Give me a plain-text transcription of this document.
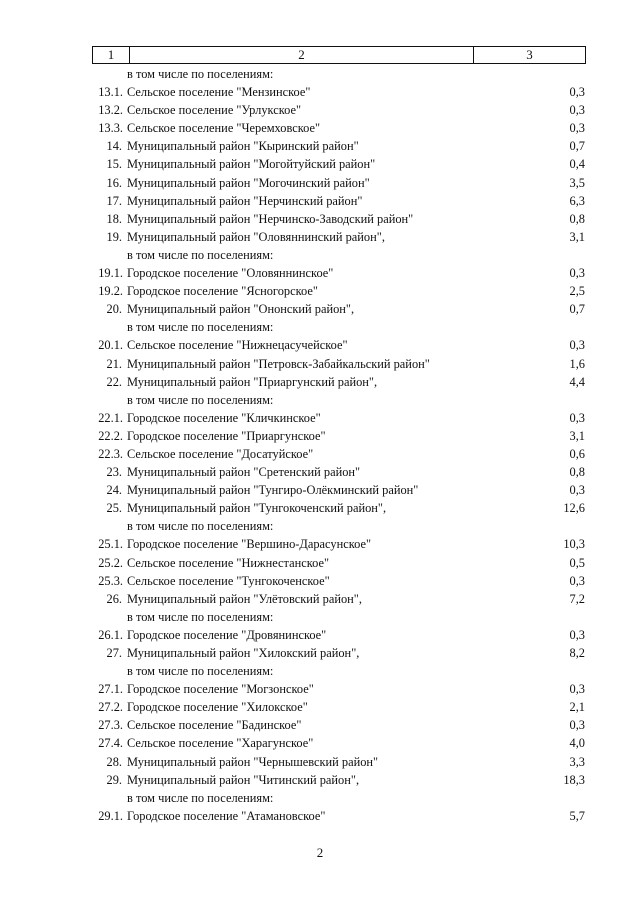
1	2	3
в том числе по поселениям:
13.1. Сельское поселение "Мензинское"	0,3
13.2. Сельское поселение "Урлукское"	0,3
13.3. Сельское поселение "Черемховское"	0,3
14. Муниципальный район "Кыринский район"	0,7
15. Муниципальный район "Могойтуйский район"	0,4
16. Муниципальный район "Могочинский район"	3,5
17. Муниципальный район "Нерчинский район"	6,3
18. Муниципальный район "Нерчинско-Заводский район"	0,8
19. Муниципальный район "Оловяннинский район",	3,1
в том числе по поселениям:
19.1. Городское поселение "Оловяннинское"	0,3
19.2. Городское поселение "Ясногорское"	2,5
20. Муниципальный район "Ононский район",	0,7
в том числе по поселениям:
20.1. Сельское поселение "Нижнецасучейское"	0,3
21. Муниципальный район "Петровск-Забайкальский район"	1,6
22. Муниципальный район "Приаргунский район",	4,4
в том числе по поселениям:
22.1. Городское поселение "Кличкинское"	0,3
22.2. Городское поселение "Приаргунское"	3,1
22.3. Сельское поселение "Досатуйское"	0,6
23. Муниципальный район "Сретенский район"	0,8
24. Муниципальный район "Тунгиро-Олёкминский район"	0,3
25. Муниципальный район "Тунгокоченский район",	12,6
в том числе по поселениям:
25.1. Городское поселение "Вершино-Дарасунское"	10,3
25.2. Сельское поселение "Нижнестанское"	0,5
25.3. Сельское поселение "Тунгокоченское"	0,3
26. Муниципальный район "Улётовский район",	7,2
в том числе по поселениям:
26.1. Городское поселение "Дровянинское"	0,3
27. Муниципальный район "Хилокский район",	8,2
в том числе по поселениям:
27.1. Городское поселение "Могзонское"	0,3
27.2. Городское поселение "Хилокское"	2,1
27.3. Сельское поселение "Бадинское"	0,3
27.4. Сельское поселение "Харагунское"	4,0
28. Муниципальный район "Чернышевский район"	3,3
29. Муниципальный район "Читинский район",	18,3
в том числе по поселениям:
29.1. Городское поселение "Атамановское"	5,7
2
